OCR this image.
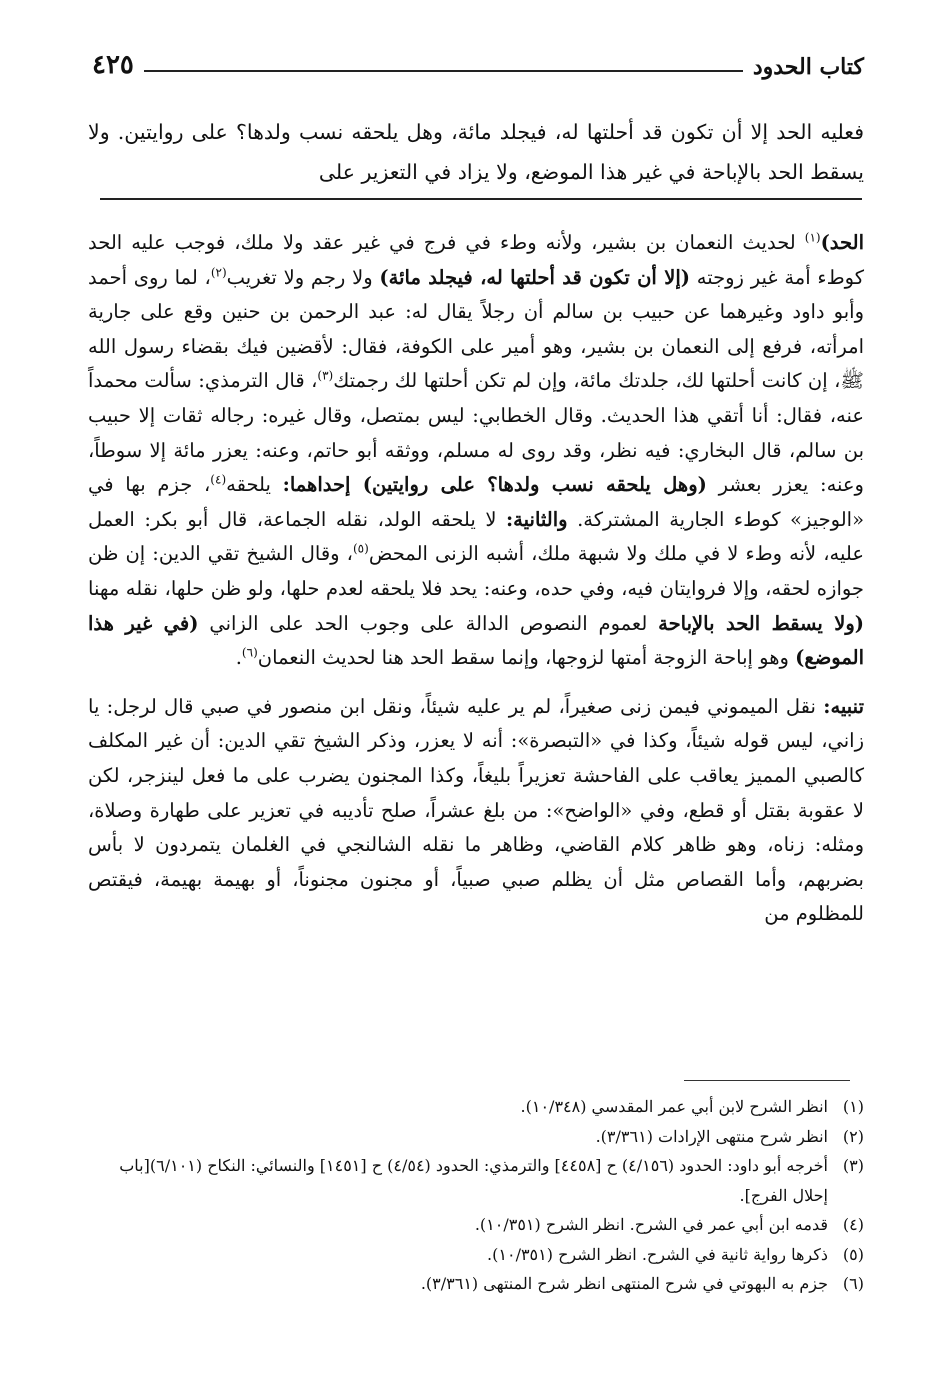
كتاب الحدود
٤٢٥

فعليه الحد إلا أن تكون قد أحلتها له، فيجلد مائة، وهل يلحقه نسب ولدها؟ على روايتين. ولا يسقط الحد بالإباحة في غير هذا الموضع، ولا يزاد في التعزير على

الحد)$^{(١)}$ لحديث النعمان بن بشير، ولأنه وطء في فرج في غير عقد ولا ملك، فوجب عليه الحد كوطء أمة غير زوجته (إلا أن تكون قد أحلتها له، فيجلد مائة) ولا رجم ولا تغريب$^{(٢)}$، لما روى أحمد وأبو داود وغيرهما عن حبيب بن سالم أن رجلاً يقال له: عبد الرحمن بن حنين وقع على جارية امرأته، فرفع إلى النعمان بن بشير، وهو أمير على الكوفة، فقال: لأقضين فيك بقضاء رسول الله ﷺ، إن كانت أحلتها لك، جلدتك مائة، وإن لم تكن أحلتها لك رجمتك$^{(٣)}$، قال الترمذي: سألت محمداً عنه، فقال: أنا أتقي هذا الحديث. وقال الخطابي: ليس بمتصل، وقال غيره: رجاله ثقات إلا حبيب بن سالم، قال البخاري: فيه نظر، وقد روى له مسلم، ووثقه أبو حاتم، وعنه: يعزر مائة إلا سوطاً، وعنه: يعزر بعشر (وهل يلحقه نسب ولدها؟ على روايتين) إحداهما: يلحقه$^{(٤)}$، جزم بها في «الوجيز» كوطء الجارية المشتركة. والثانية: لا يلحقه الولد، نقله الجماعة، قال أبو بكر: العمل عليه، لأنه وطء لا في ملك ولا شبهة ملك، أشبه الزنى المحض$^{(٥)}$، وقال الشيخ تقي الدين: إن ظن جوازه لحقه، وإلا فروايتان فيه، وفي حده، وعنه: يحد فلا يلحقه لعدم حلها، ولو ظن حلها، نقله مهنا (ولا يسقط الحد بالإباحة لعموم النصوص الدالة على وجوب الحد على الزاني (في غير هذا الموضع) وهو إباحة الزوجة أمتها لزوجها، وإنما سقط الحد هنا لحديث النعمان$^{(٦)}$.

تنبيه: نقل الميموني فيمن زنى صغيراً، لم ير عليه شيئاً، ونقل ابن منصور في صبي قال لرجل: يا زاني، ليس قوله شيئاً، وكذا في «التبصرة»: أنه لا يعزر، وذكر الشيخ تقي الدين: أن غير المكلف كالصبي المميز يعاقب على الفاحشة تعزيراً بليغاً، وكذا المجنون يضرب على ما فعل لينزجر، لكن لا عقوبة بقتل أو قطع، وفي «الواضح»: من بلغ عشراً، صلح تأديبه في تعزير على طهارة وصلاة، ومثله: زناه، وهو ظاهر كلام القاضي، وظاهر ما نقله الشالنجي في الغلمان يتمردون لا بأس بضربهم، وأما القصاص مثل أن يظلم صبي صبياً، أو مجنون مجنوناً، أو بهيمة بهيمة، فيقتص للمظلوم من

(١)
انظر الشرح لابن أبي عمر المقدسي (١٠/٣٤٨).
(٢)
انظر شرح منتهى الإرادات (٣/٣٦١).
(٣)
أخرجه أبو داود: الحدود (٤/١٥٦) ح [٤٤٥٨] والترمذي: الحدود (٤/٥٤) ح [١٤٥١] والنسائي: النكاح (٦/١٠١)[باب إحلال الفرج].
(٤)
قدمه ابن أبي عمر في الشرح. انظر الشرح (١٠/٣٥١).
(٥)
ذكرها رواية ثانية في الشرح. انظر الشرح (١٠/٣٥١).
(٦)
جزم به البهوتي في شرح المنتهى انظر شرح المنتهى (٣/٣٦١).
